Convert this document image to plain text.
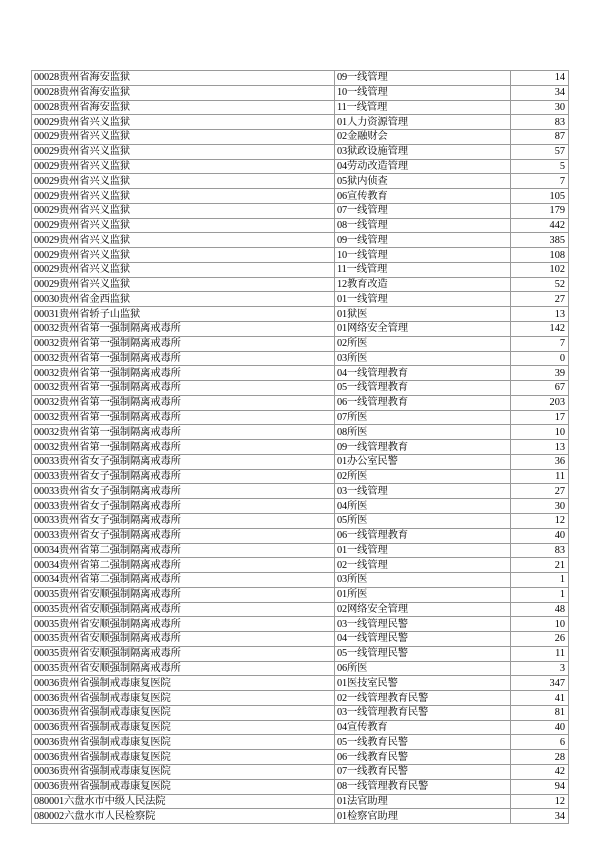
00028贵州省海安监狱	09一线管理	14
00028贵州省海安监狱	10一线管理	34
00028贵州省海安监狱	11一线管理	30
00029贵州省兴义监狱	01人力资源管理	83
00029贵州省兴义监狱	02金融财会	87
00029贵州省兴义监狱	03狱政设施管理	57
00029贵州省兴义监狱	04劳动改造管理	5
00029贵州省兴义监狱	05狱内侦查	7
00029贵州省兴义监狱	06宣传教育	105
00029贵州省兴义监狱	07一线管理	179
00029贵州省兴义监狱	08一线管理	442
00029贵州省兴义监狱	09一线管理	385
00029贵州省兴义监狱	10一线管理	108
00029贵州省兴义监狱	11一线管理	102
00029贵州省兴义监狱	12教育改造	52
00030贵州省金西监狱	01一线管理	27
00031贵州省轿子山监狱	01狱医	13
00032贵州省第一强制隔离戒毒所	01网络安全管理	142
00032贵州省第一强制隔离戒毒所	02所医	7
00032贵州省第一强制隔离戒毒所	03所医	0
00032贵州省第一强制隔离戒毒所	04一线管理教育	39
00032贵州省第一强制隔离戒毒所	05一线管理教育	67
00032贵州省第一强制隔离戒毒所	06一线管理教育	203
00032贵州省第一强制隔离戒毒所	07所医	17
00032贵州省第一强制隔离戒毒所	08所医	10
00032贵州省第一强制隔离戒毒所	09一线管理教育	13
00033贵州省女子强制隔离戒毒所	01办公室民警	36
00033贵州省女子强制隔离戒毒所	02所医	11
00033贵州省女子强制隔离戒毒所	03一线管理	27
00033贵州省女子强制隔离戒毒所	04所医	30
00033贵州省女子强制隔离戒毒所	05所医	12
00033贵州省女子强制隔离戒毒所	06一线管理教育	40
00034贵州省第二强制隔离戒毒所	01一线管理	83
00034贵州省第二强制隔离戒毒所	02一线管理	21
00034贵州省第二强制隔离戒毒所	03所医	1
00035贵州省安顺强制隔离戒毒所	01所医	1
00035贵州省安顺强制隔离戒毒所	02网络安全管理	48
00035贵州省安顺强制隔离戒毒所	03一线管理民警	10
00035贵州省安顺强制隔离戒毒所	04一线管理民警	26
00035贵州省安顺强制隔离戒毒所	05一线管理民警	11
00035贵州省安顺强制隔离戒毒所	06所医	3
00036贵州省强制戒毒康复医院	01医技室民警	347
00036贵州省强制戒毒康复医院	02一线管理教育民警	41
00036贵州省强制戒毒康复医院	03一线管理教育民警	81
00036贵州省强制戒毒康复医院	04宣传教育	40
00036贵州省强制戒毒康复医院	05一线教育民警	6
00036贵州省强制戒毒康复医院	06一线教育民警	28
00036贵州省强制戒毒康复医院	07一线教育民警	42
00036贵州省强制戒毒康复医院	08一线管理教育民警	94
080001六盘水市中级人民法院	01法官助理	12
080002六盘水市人民检察院	01检察官助理	34
